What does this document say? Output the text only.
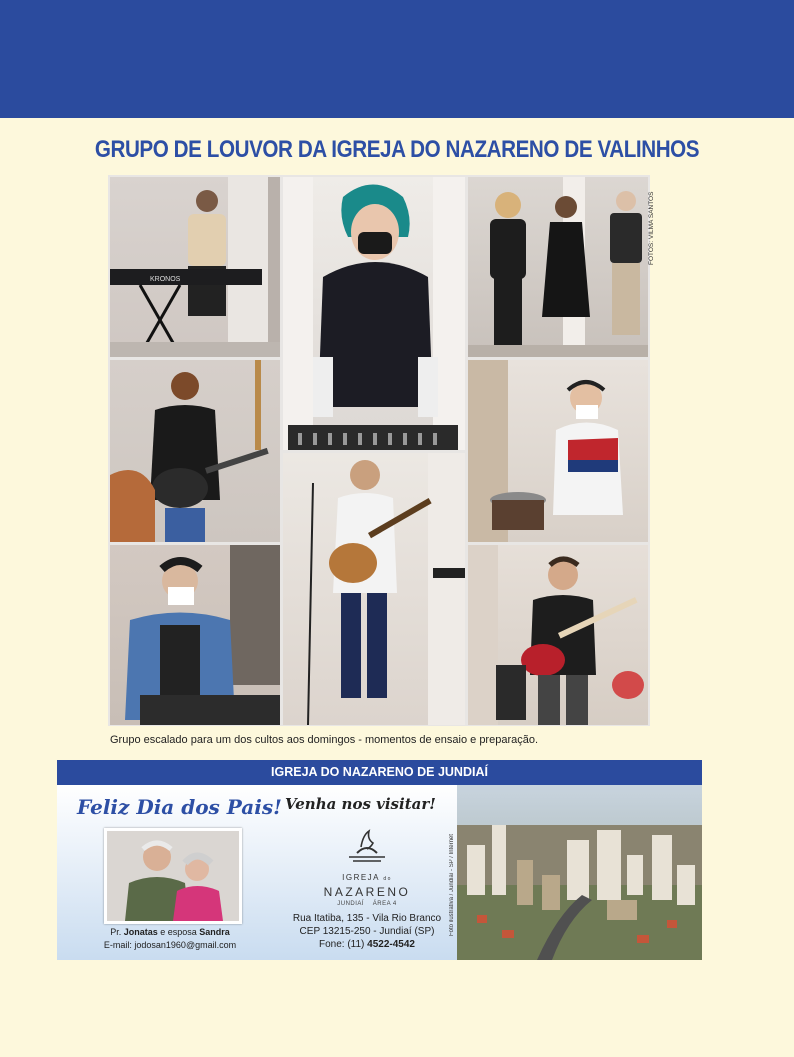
GRUPO DE LOUVOR DA IGREJA DO NAZARENO DE VALINHOS
KRONOS
FOTOS: VILMA SANTOS
Grupo escalado para um dos cultos aos domingos - momentos de ensaio e preparação.
IGREJA DO NAZARENO DE JUNDIAÍ
Feliz Dia dos Pais! Venha nos visitar!
Pr. Jonatas e esposa Sandra
E-mail: jodosan1960@gmail.com
IGREJA do
NAZARENO
JUNDIAÍ ÁREA 4
Rua Itatiba, 135 - Vila Rio Branco
CEP 13215-250 - Jundiaí (SP)
Fone: (11) 4522-4542
Foto ilustrativa / Jundiaí - SP / Internet
